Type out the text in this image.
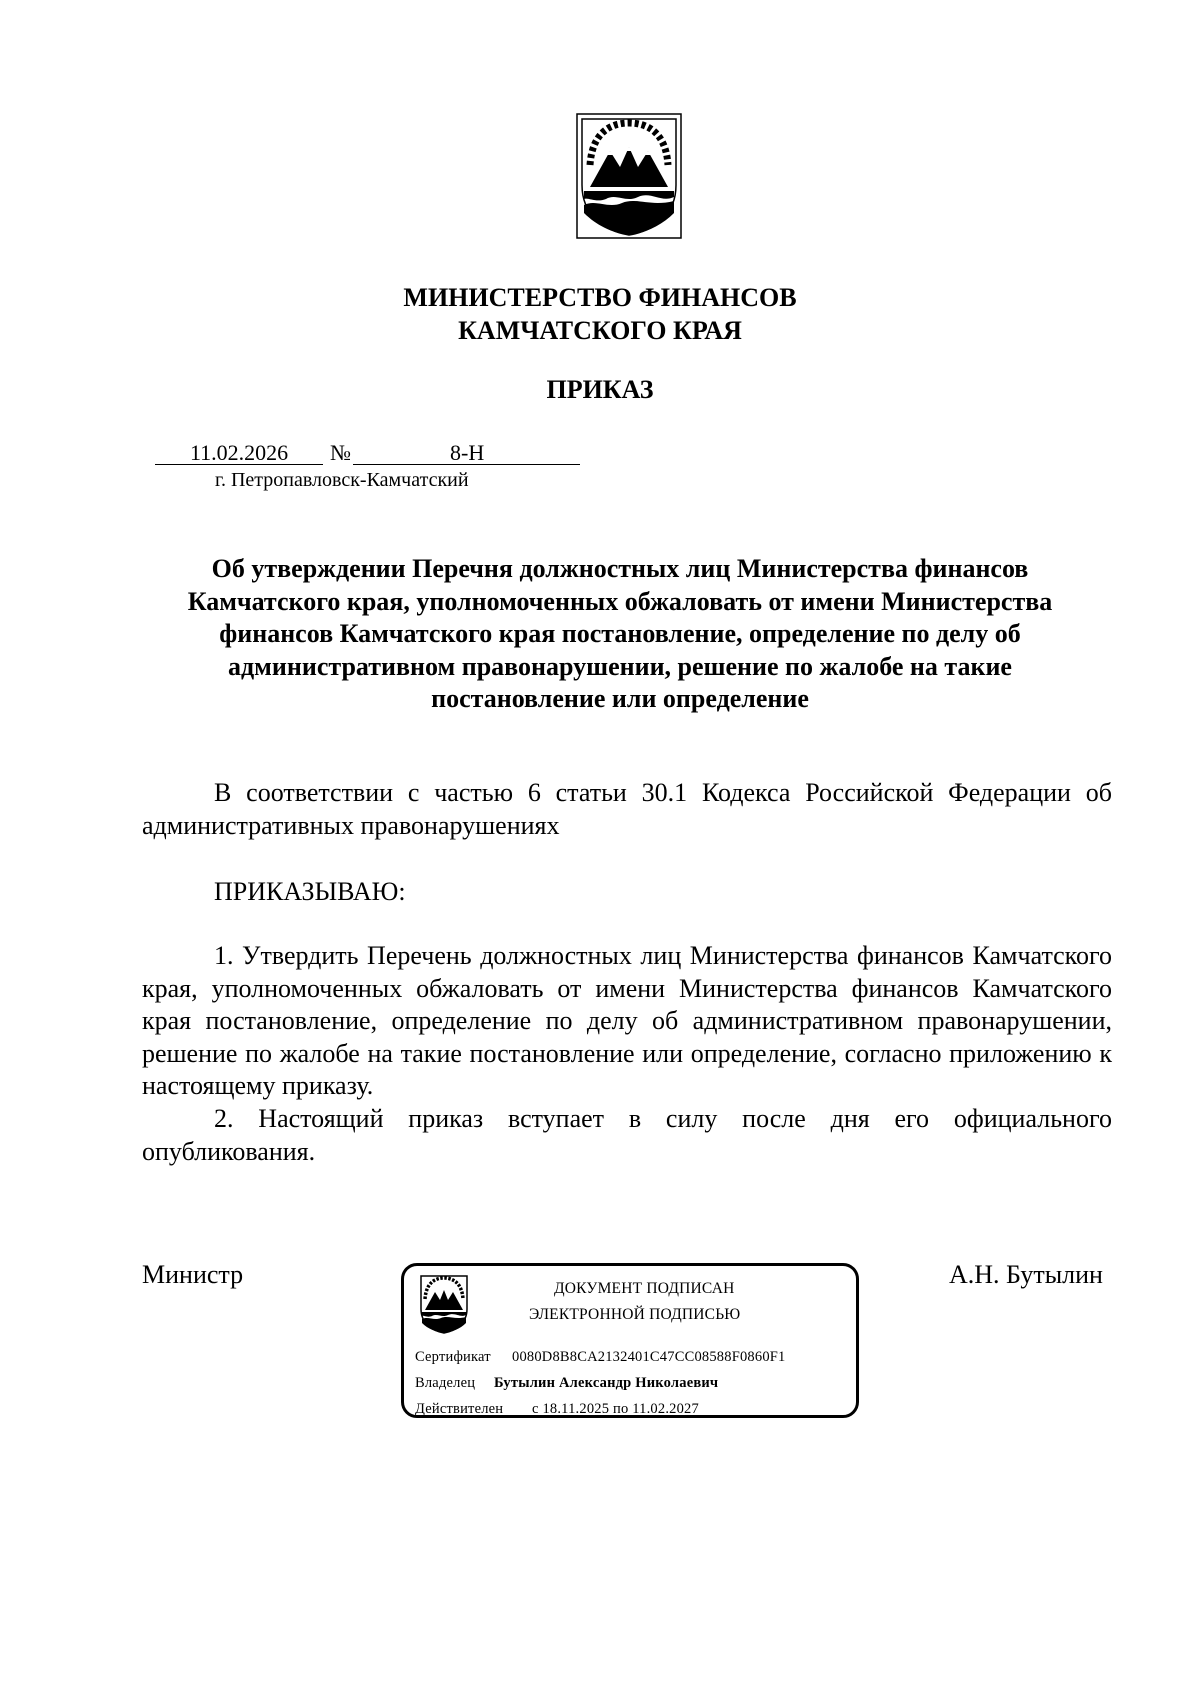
МИНИСТЕРСТВО ФИНАНСОВ
КАМЧАТСКОГО КРАЯ
ПРИКАЗ
11.02.2026 №	8-Н
г. Петропавловск-Камчатский
Об утверждении Перечня должностных лиц Министерства финансов Камчатского края, уполномоченных обжаловать от имени Министерства финансов Камчатского края постановление, определение по делу об административном правонарушении, решение по жалобе на такие постановление или определение
В соответствии с частью 6 статьи 30.1 Кодекса Российской Федерации об административных правонарушениях
ПРИКАЗЫВАЮ:
1. Утвердить Перечень должностных лиц Министерства финансов Камчатского края, уполномоченных обжаловать от имени Министерства финансов Камчатского края постановление, определение по делу об административном правонарушении, решение по жалобе на такие постановление или определение, согласно приложению к настоящему приказу.
2. Настоящий приказ вступает в силу после дня его официального опубликования.
Министр	А.Н. Бутылин
ДОКУМЕНТ ПОДПИСАН
ЭЛЕКТРОННОЙ ПОДПИСЬЮ
Сертификат 0080D8B8CA2132401C47CC08588F0860F1
Владелец Бутылин Александр Николаевич
Действителен с 18.11.2025 по 11.02.2027
